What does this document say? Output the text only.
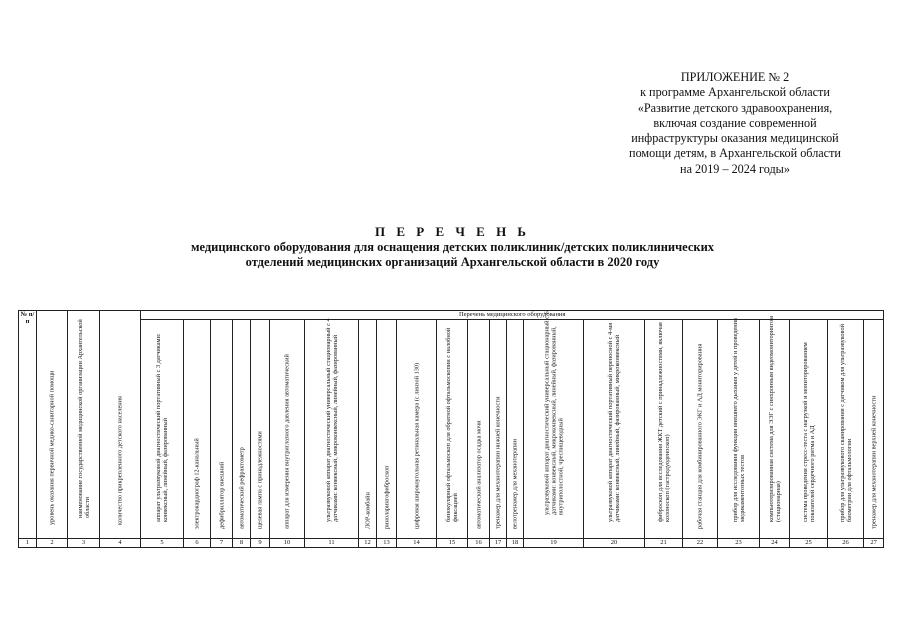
ПРИЛОЖЕНИЕ № 2
к программе Архангельской области
«Развитие детского здравоохранения,
включая создание современной
инфраструктуры оказания медицинской
помощи детям, в Архангельской области
на 2019 – 2024 годы»
П Е Р Е Ч Е Н Ь
медицинского оборудования для оснащения детских поликлиник/детских поликлинических
отделений медицинских организаций Архангельской области в 2020 году
№ п/п	уровень оказания первичной медико-санитарной помощи	наименование государственной медицинской организации Архангельской области	количество прикрепленного детского населения	Перечень медицинского оборудования																						

				аппарат ультразвуковой диагностический портативный с 3 датчиками: конвексный, линейный, фазированный	электрокардиограф 12-канальный	дефибриллятор внешний	автоматический рефрактометр	щелевая лампа с принадлежностями	аппарат для измерения внутриглазного давления автоматический	ультразвуковой аппарат диагностический универсальный стационарный с 4 датчиками: конвексный, микроконвексный, линейный, фазированный	ЛОР-комбайн	риноларингофиброскоп	цифровая широкоугольная ретинальная камера (с линзой 130)	бинокулярный офтальмоскоп для обратной офтальмоскопии с налобной фиксацией	автоматический анализатор осадка мочи	тренажер для механотерапии нижней конечности	велотренажер для механотерапии	ультразвуковой аппарат диагностический универсальный стационарный с 6 датчиками: конвексный, микроконвексный, линейный, фазированный, внутриполостной, чреспищеводный	ультразвуковой аппарат диагностический портативный переносной с 4-мя датчиками: конвексный, линейный, фазированный, микроконвексный	фиброскоп для исследования ЖКТ детский с принадлежностями, включая колоноскоп (гастродуоденоскоп)	рабочая станция для комбинированного ЭКГ и АД мониторирования	прибор для исследования функции внешнего дыхания у детей и проведения медикаментозных тестов	компьютеризированная система для ЭЭГ с синхронным видеомониторингом (стационарная)	система проведения стресс-теста с нагрузкой и мониторированием показателей сердечного ритма и АД	прибор для ультразвукового сканирования с датчиком для ультразвуковой биометрии для офтальмологии	тренажер для механотерапии верхней конечности

1	2	3	4	5	6	7	8	9	10	11	12	13	14	15	16	17	18	19	20	21	22	23	24	25	26	27
